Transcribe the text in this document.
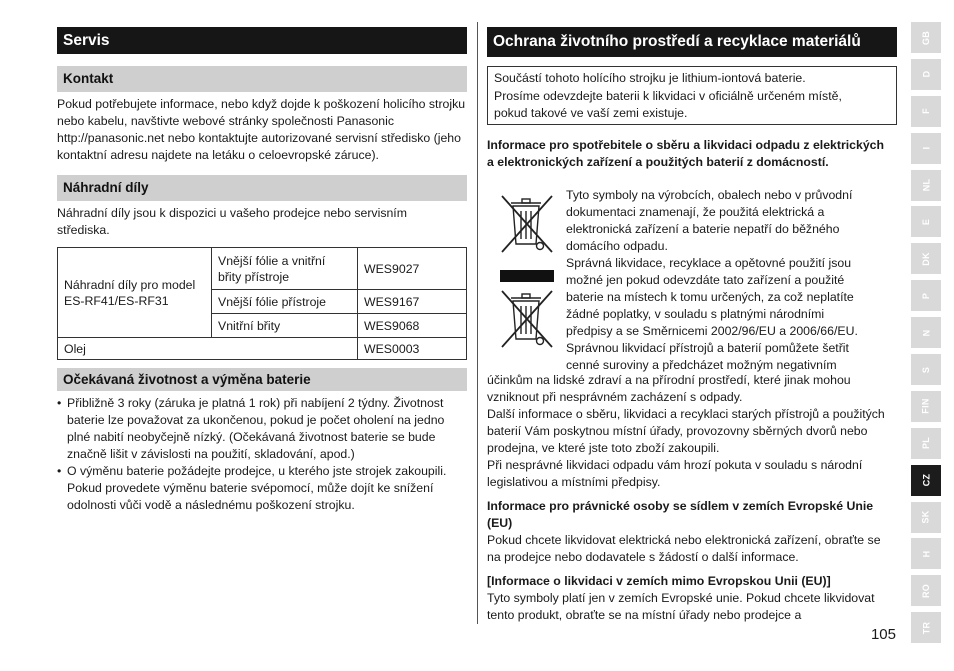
Servis
Kontakt
Pokud potřebujete informace, nebo když dojde k poškození holicího strojku nebo kabelu, navštivte webové stránky společnosti Panasonic http://panasonic.net nebo kontaktujte autorizované servisní středisko (jeho kontaktní adresu najdete na letáku o celoevropské záruce).
Náhradní díly
Náhradní díly jsou k dispozici u vašeho prodejce nebo servisním střediska.
Náhradní díly pro model ES-RF41/ES-RF31	Vnější fólie a vnitřní břity přístroje	WES9027
	Vnější fólie přístroje	WES9167
	Vnitřní břity	WES9068
Olej		WES0003
Očekávaná životnost a výměna baterie
• Přibližně 3 roky (záruka je platná 1 rok) při nabíjení 2 týdny. Životnost baterie lze považovat za ukončenou, pokud je počet oholení na jedno plné nabití neobyčejně nízký. (Očekávaná životnost baterie se bude značně lišit v závislosti na použití, skladování, apod.)
• O výměnu baterie požádejte prodejce, u kterého jste strojek zakoupili. Pokud provedete výměnu baterie svépomocí, může dojít ke snížení odolnosti vůči vodě a následnému poškození strojku.
Ochrana životního prostředí a recyklace materiálů
Součástí tohoto holícího strojku je lithium-iontová baterie.
Prosíme odevzdejte baterii k likvidaci v oficiálně určeném místě,
pokud takové ve vaší zemi existuje.
Informace pro spotřebitele o sběru a likvidaci odpadu z elektrických a elektronických zařízení a použitých baterií z domácností.
Tyto symboly na výrobcích, obalech nebo v průvodní dokumentaci znamenají, že použitá elektrická a elektronická zařízení a baterie nepatří do běžného domácího odpadu.
Správná likvidace, recyklace a opětovné použití jsou
možné jen pokud odevzdáte tato zařízení a použité
baterie na místech k tomu určených, za což neplatíte
žádné poplatky, v souladu s platnými národními
předpisy a se Směrnicemi 2002/96/EU a 2006/66/EU.
Správnou likvidací přístrojů a baterií pomůžete šetřit
cenné suroviny a předcházet možným negativním

účinkům na lidské zdraví a na přírodní prostředí, které jinak mohou vzniknout při nesprávném zacházení s odpady.

Další informace o sběru, likvidaci a recyklaci starých přístrojů a použitých baterií Vám poskytnou místní úřady, provozovny sběrných dvorů nebo prodejna, ve které jste toto zboží zakoupili.

Při nesprávné likvidaci odpadu vám hrozí pokuta v souladu s národní legislativou a místními předpisy.

Informace pro právnické osoby se sídlem v zemích Evropské Unie (EU)

Pokud chcete likvidovat elektrická nebo elektronická zařízení, obraťte se na prodejce nebo dodavatele s žádostí o další informace.

[Informace o likvidaci v zemích mimo Evropskou Unii (EU)]

Tyto symboly platí jen v zemích Evropské unie. Pokud chcete likvidovat tento produkt, obraťte se na místní úřady nebo prodejce a

105
GB
D
F
I
NL
E
DK
P
N
S
FIN
PL
CZ
SK
H
RO
TR
